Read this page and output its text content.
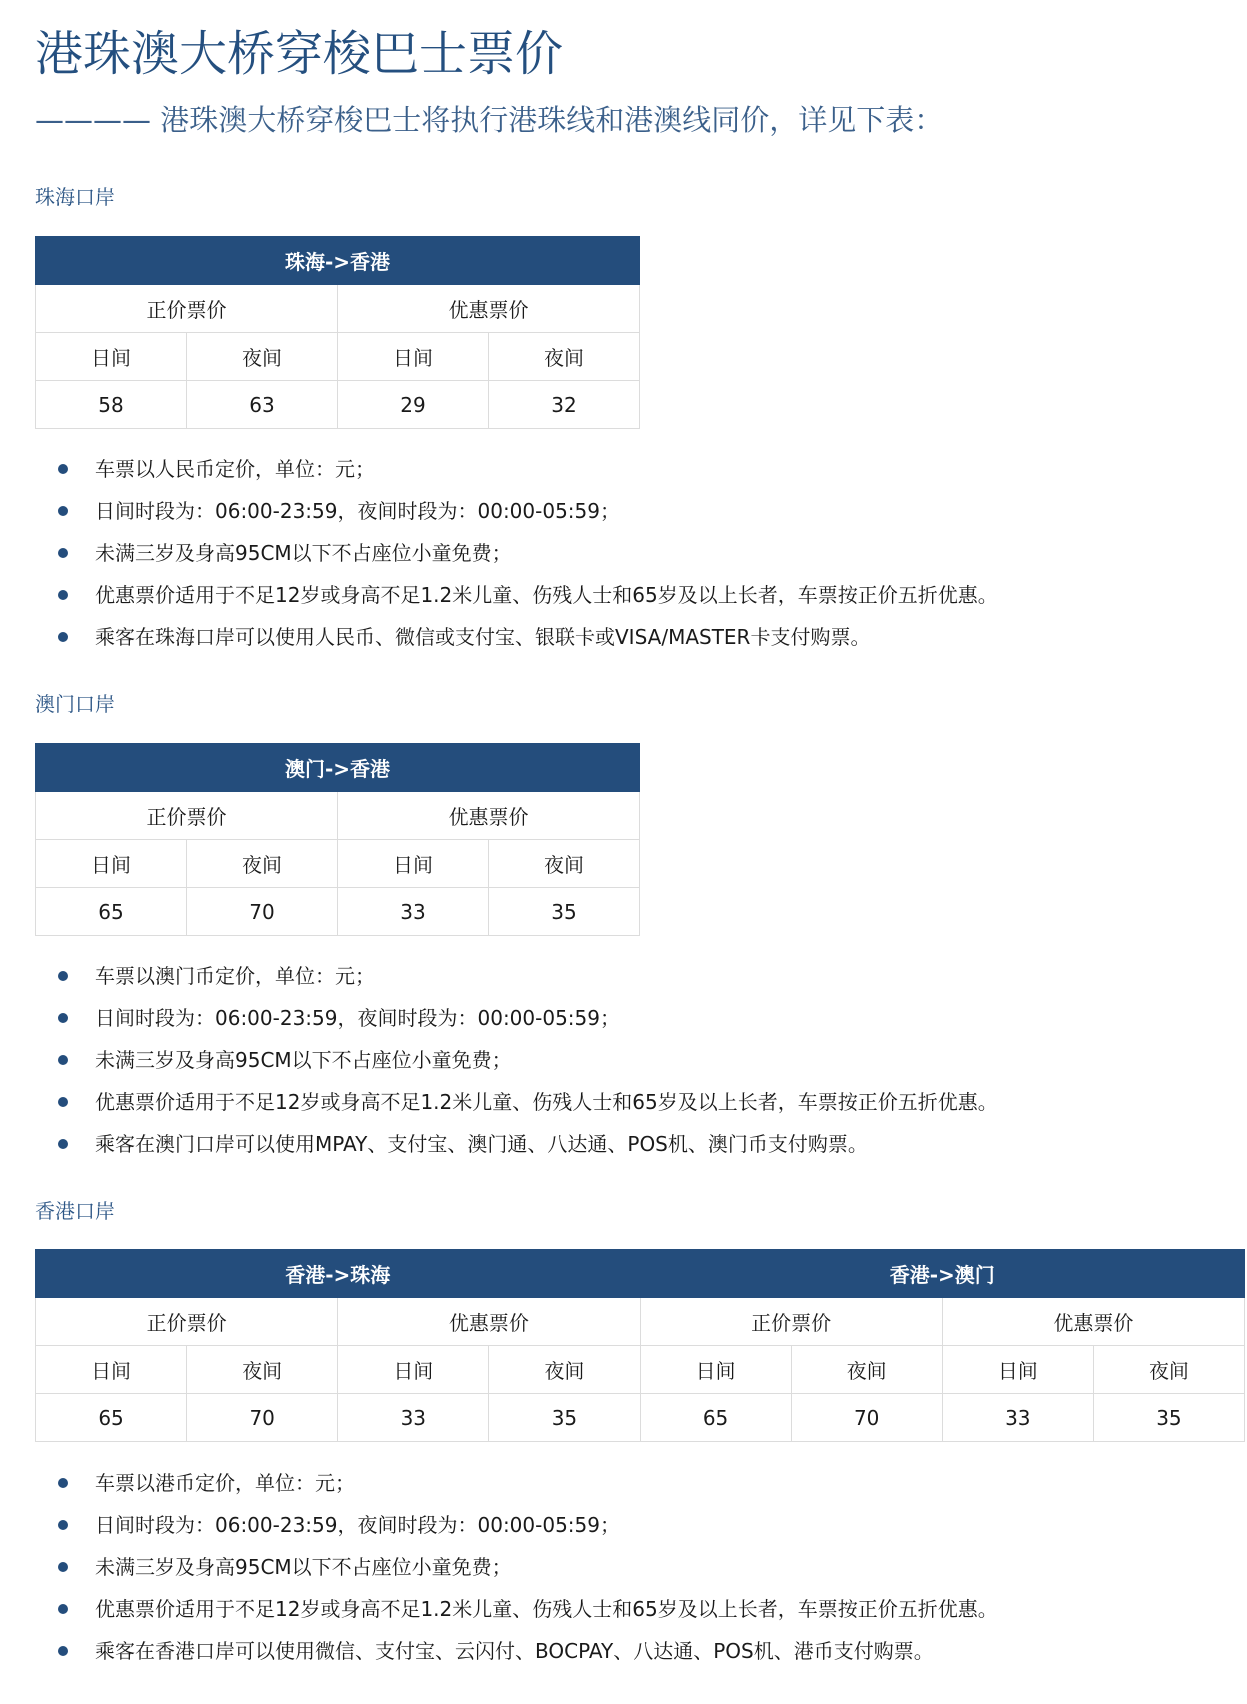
港珠澳大桥穿梭巴士票价

———— 港珠澳大桥穿梭巴士将执行港珠线和港澳线同价，详见下表：

珠海口岸

珠海->香港			
正价票价		优惠票价	
日间	夜间	日间	夜间
58	63	29	32
车票以人民币定价，单位：元；
日间时段为：06:00-23:59，夜间时段为：00:00-05:59；
未满三岁及身高95CM以下不占座位小童免费；
优惠票价适用于不足12岁或身高不足1.2米儿童、伤残人士和65岁及以上长者，车票按正价五折优惠。
乘客在珠海口岸可以使用人民币、微信或支付宝、银联卡或VISA/MASTER卡支付购票。

澳门口岸

澳门->香港			
正价票价		优惠票价	
日间	夜间	日间	夜间
65	70	33	35
车票以澳门币定价，单位：元；
日间时段为：06:00-23:59，夜间时段为：00:00-05:59；
未满三岁及身高95CM以下不占座位小童免费；
优惠票价适用于不足12岁或身高不足1.2米儿童、伤残人士和65岁及以上长者，车票按正价五折优惠。
乘客在澳门口岸可以使用MPAY、支付宝、澳门通、八达通、POS机、澳门币支付购票。

香港口岸

香港->珠海				香港->澳门			
正价票价		优惠票价		正价票价		优惠票价	
日间	夜间	日间	夜间	日间	夜间	日间	夜间
65	70	33	35	65	70	33	35
车票以港币定价，单位：元；
日间时段为：06:00-23:59，夜间时段为：00:00-05:59；
未满三岁及身高95CM以下不占座位小童免费；
优惠票价适用于不足12岁或身高不足1.2米儿童、伤残人士和65岁及以上长者，车票按正价五折优惠。
乘客在香港口岸可以使用微信、支付宝、云闪付、BOCPAY、八达通、POS机、港币支付购票。
